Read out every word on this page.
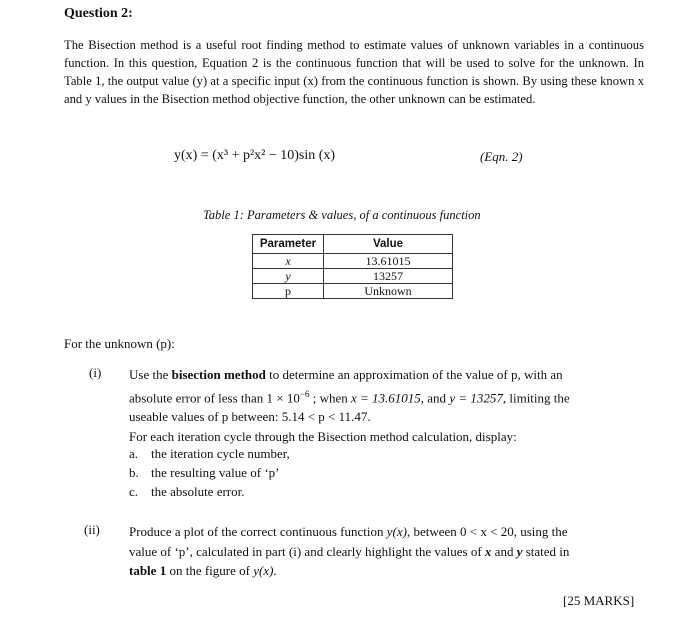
Question 2:
The Bisection method is a useful root finding method to estimate values of unknown variables in a continuous function. In this question, Equation 2 is the continuous function that will be used to solve for the unknown. In Table 1, the output value (y) at a specific input (x) from the continuous function is shown. By using these known x and y values in the Bisection method objective function, the other unknown can be estimated.
y(x) = (x³ + p²x² − 10)sin (x)	(Eqn. 2)
Table 1: Parameters & values, of a continuous function
Parameter	Value
x	13.61015
y	13257
p	Unknown
For the unknown (p):
(i) Use the bisection method to determine an approximation of the value of p, with an
absolute error of less than $1 \times 10^{-6}$ ; when x = 13.61015, and y = 13257, limiting the
useable values of p between: 5.14 < p < 11.47.
For each iteration cycle through the Bisection method calculation, display:
a. the iteration cycle number,
b. the resulting value of ‘p’
c. the absolute error.
(ii) Produce a plot of the correct continuous function y(x), between 0 < x < 20, using the
value of ‘p’, calculated in part (i) and clearly highlight the values of x and y stated in
table 1 on the figure of y(x).
[25 MARKS]
